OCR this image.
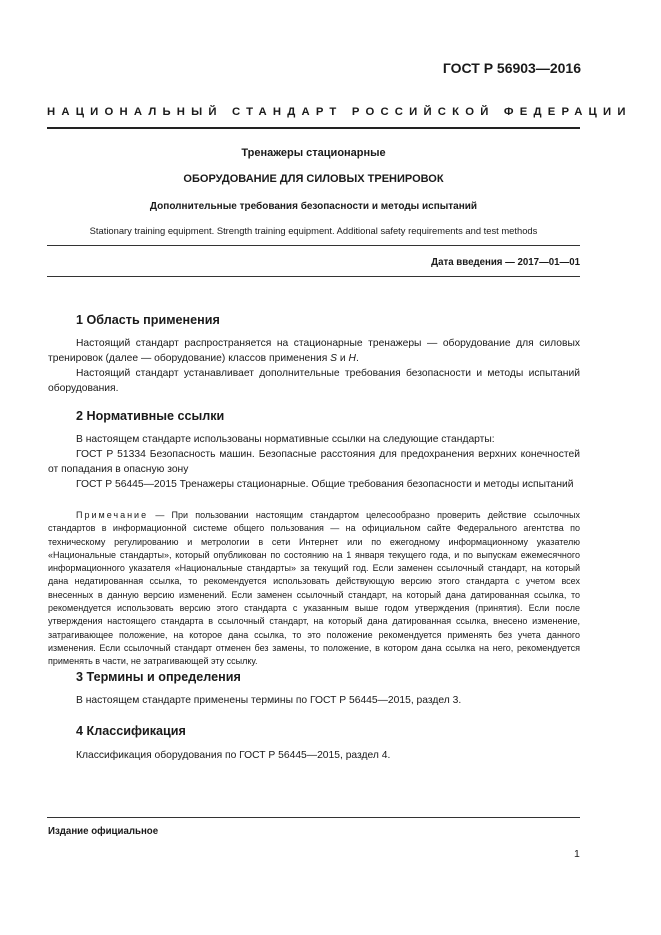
ГОСТ Р 56903—2016
НАЦИОНАЛЬНЫЙ СТАНДАРТ РОССИЙСКОЙ ФЕДЕРАЦИИ
Тренажеры стационарные
ОБОРУДОВАНИЕ ДЛЯ СИЛОВЫХ ТРЕНИРОВОК
Дополнительные требования безопасности и методы испытаний
Stationary training equipment. Strength training equipment. Additional safety requirements and test methods
Дата введения — 2017—01—01
1 Область применения
Настоящий стандарт распространяется на стационарные тренажеры — оборудование для силовых тренировок (далее — оборудование) классов применения S и H.
Настоящий стандарт устанавливает дополнительные требования безопасности и методы испытаний оборудования.
2 Нормативные ссылки
В настоящем стандарте использованы нормативные ссылки на следующие стандарты:
ГОСТ Р 51334 Безопасность машин. Безопасные расстояния для предохранения верхних конечностей от попадания в опасную зону
ГОСТ Р 56445—2015 Тренажеры стационарные. Общие требования безопасности и методы испытаний
Примечание — При пользовании настоящим стандартом целесообразно проверить действие ссылочных стандартов в информационной системе общего пользования — на официальном сайте Федерального агентства по техническому регулированию и метрологии в сети Интернет или по ежегодному информационному указателю «Национальные стандарты», который опубликован по состоянию на 1 января текущего года, и по выпускам ежемесячного информационного указателя «Национальные стандарты» за текущий год. Если заменен ссылочный стандарт, на который дана недатированная ссылка, то рекомендуется использовать действующую версию этого стандарта с учетом всех внесенных в данную версию изменений. Если заменен ссылочный стандарт, на который дана датированная ссылка, то рекомендуется использовать версию этого стандарта с указанным выше годом утверждения (принятия). Если после утверждения настоящего стандарта в ссылочный стандарт, на который дана датированная ссылка, внесено изменение, затрагивающее положение, на которое дана ссылка, то это положение рекомендуется применять без учета данного изменения. Если ссылочный стандарт отменен без замены, то положение, в котором дана ссылка на него, рекомендуется применять в части, не затрагивающей эту ссылку.
3 Термины и определения
В настоящем стандарте применены термины по ГОСТ Р 56445—2015, раздел 3.
4 Классификация
Классификация оборудования по ГОСТ Р 56445—2015, раздел 4.
Издание официальное
1
